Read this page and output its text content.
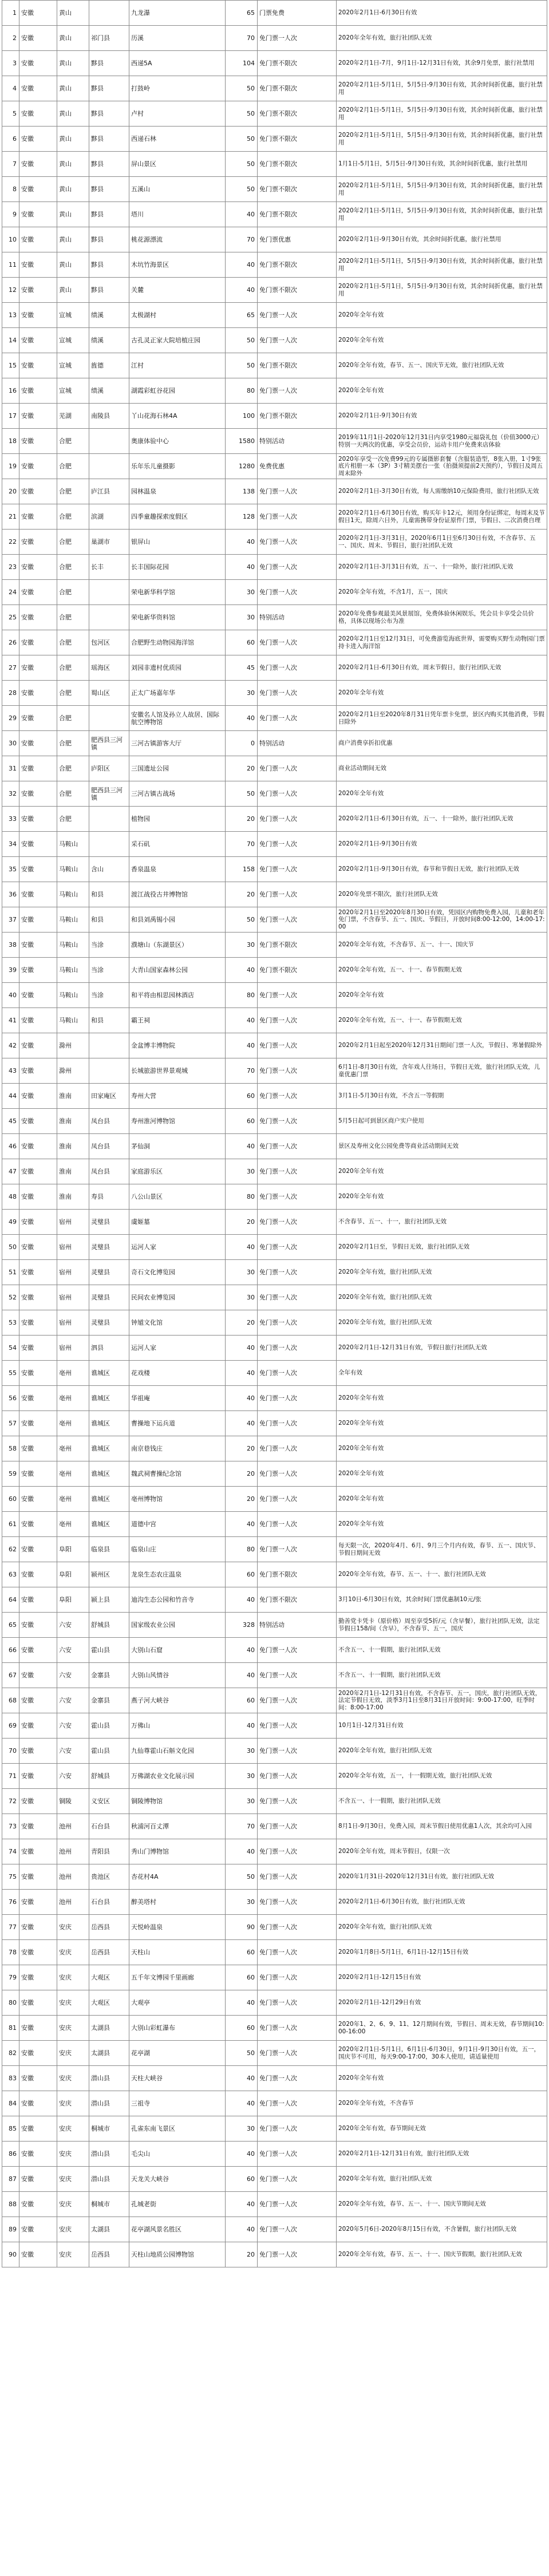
1	安徽	黄山		九龙瀑	65	门票免费	2020年2月1日-6月30日有效
2	安徽	黄山	祁门县	历溪	70	免门票一人次	2020年全年有效，旅行社团队无效
3	安徽	黄山	黟县	西递5A	104	免门票不限次	2020年2月1日-7月，9月1日-12月31日有效，其余9月免票，旅行社禁用
4	安徽	黄山	黟县	打鼓岭	50	免门票不限次	2020年2月1日-5月1日，5月5日-9月30日有效，其余时间折优惠，旅行社禁用
5	安徽	黄山	黟县	卢村	50	免门票不限次	2020年2月1日-5月1日，5月5日-9月30日有效，其余时间折优惠，旅行社禁用
6	安徽	黄山	黟县	西递石林	50	免门票不限次	2020年2月1日-5月1日，5月5日-9月30日有效，其余时间折优惠，旅行社禁用
7	安徽	黄山	黟县	屏山景区	50	免门票不限次	1月1日-5月1日，5月5日-9月30日有效，其余时间折优惠，旅行社禁用
8	安徽	黄山	黟县	五溪山	50	免门票不限次	2020年2月1日-5月1日，5月5日-9月30日有效，其余时间折优惠，旅行社禁用
9	安徽	黄山	黟县	塔川	40	免门票不限次	2020年2月1日-5月1日，5月5日-9月30日有效，其余时间折优惠，旅行社禁用
10	安徽	黄山	黟县	桃花源漂流	70	免门票优惠	2020年2月1日-9月30日有效，其余时间折优惠，旅行社禁用
11	安徽	黄山	黟县	木坑竹海景区	40	免门票不限次	2020年2月1日-5月1日，5月5日-9月30日有效，其余时间折优惠，旅行社禁用
12	安徽	黄山	黟县	关麓	40	免门票不限次	2020年2月1日-5月1日，5月5日-9月30日有效，其余时间折优惠，旅行社禁用
13	安徽	宣城	绩溪	太极湖村	65	免门票一人次	2020年全年有效
14	安徽	宣城	绩溪	古孔灵正家大院培植庄园	50	免门票一人次	2020年全年有效
15	安徽	宣城	旌德	江村	50	免门票不限次	2020年全年有效，春节、五一、国庆节无效，旅行社团队无效
16	安徽	宣城	绩溪	湖霞彩虹谷花园	80	免门票一人次	2020年全年有效
17	安徽	芜湖	南陵县	丫山花海石林4A	100	免门票不限次	2020年2月1日-9月30日有效
18	安徽	合肥		奥康体验中心	1580	特别活动	2019年11月1日-2020年12月31日内享受1980元福袋礼包（价值3000元）特别一天两次的优惠，享受会员价，运动卡用户免费来店体验
19	安徽	合肥		乐年乐儿童摄影	1280	免费优惠	2020年享受一次免费99元的专属摄影套餐（含服装造型，8张入册，1寸9张底片相册一本（3P）3寸精美摆台一张（拍摄须提前2天预约），节假日及周五周末除外
20	安徽	合肥	庐江县	园林温泉	138	免门票一人次	2020年2月1日-3月30日有效，每人需缴纳10元保险费用，旅行社团队无效
21	安徽	合肥	滨湖	四季童趣探索度假区	128	免门票一人次	2020年2月1日-6月30日有效，购买年卡12元，须用身份证绑定，每周末及节假日1天，除周六日外，儿童需携带身份证原件门票，节假日、二次消费自理
22	安徽	合肥	巢湖市	银屏山	40	免门票一人次	2020年2月1日-3月31日，2020年6月1日至6月30日有效，不含春节、五一、国庆、周末、节假日，旅行社团队无效
23	安徽	合肥	长丰	长丰国际花园	40	免门票一人次	2020年2月1日-3月31日有效，五一、十一除外，旅行社团队无效
24	安徽	合肥		荣电新华科学馆	30	免门票一人次	2020年全年有效，不含1月，五一，国庆
25	安徽	合肥		荣电新华资料馆	30	特别活动	2020年免费参观最美风景展馆，免费体验休闲娱乐，凭会员卡享受会员价格，具体以现场公布为准
26	安徽	合肥	包河区	合肥野生动物园海洋馆	60	免门票一人次	2020年2月1日至12月31日，可免费游览海底世界，需要购买野生动物园门票持卡进入海洋馆
27	安徽	合肥	瑶海区	刘园非遗村优质园	45	免门票一人次	2020年2月1日-6月30日有效，周末节假日，旅行社团队无效
28	安徽	合肥	蜀山区	正太广场嘉年华	30	免门票一人次	2020年全年有效
29	安徽	合肥		安徽名人馆及孙立人故居、国际航空博物馆	40	免门票一人次	2020年2月1日至2020年8月31日凭年票卡免票，景区内购买其他消费，节假日除外
30	安徽	合肥	肥西县三河镇	三河古镇游客大厅	0	特别活动	商户消费享折扣优惠
31	安徽	合肥	庐阳区	三国遗址公园	20	免门票一人次	商业活动期间无效
32	安徽	合肥	肥西县三河镇	三河古镇古战场	50	免门票一人次	2020年全年有效
33	安徽	合肥		植物园	20	免门票一人次	2020年2月1日-6月30日有效，五一、十一除外，旅行社团队无效
34	安徽	马鞍山		采石矶	70	免门票一人次	2020年2月1日-9月30日有效
35	安徽	马鞍山	含山	香泉温泉	158	免门票一人次	2020年2月1日-9月30日有效，春节和节假日无效，旅行社团队无效
36	安徽	马鞍山	和县	渡江战役古井博物馆	20	免门票一人次	2020年免票不限次，旅行社团队无效
37	安徽	马鞍山	和县	和县刘禹锡小园	50	免门票一人次	2020年2月1日至2020年8月30日有效，凭园区内购物免费入园，儿童和老年免门票，不含春节、五一、国庆、节假日，开放时间8:00-12:00，14:00-17:00
38	安徽	马鞍山	当涂	濮塘山（东湖景区）	30	免门票不限次	2020年全年有效，不含春节、五一、十一、国庆节
39	安徽	马鞍山	当涂	大青山国家森林公园	40	免门票不限次	2020年全年有效，五一、十一、春节假期无效
40	安徽	马鞍山	当涂	和平将由相思园林酒店	80	免门票一人次	2020年全年有效
41	安徽	马鞍山	和县	霸王祠	40	免门票一人次	2020年全年有效，五一、十一、春节假期无效
42	安徽	滁州		金盆博丰博物院	40	免门票一人次	2020年2月1日起至2020年12月31日期间门票一人次，节假日、寒暑假除外
43	安徽	滁州		长城旅游世界景观城	70	免门票一人次	6月1日-8月30日有效，含年戏人往场日，节假日无效，旅行社团队无效，儿童优惠门票
44	安徽	淮南	田家庵区	寿州大营	60	免门票一人次	3月1日-5月30日有效，不含五一等假期
45	安徽	淮南	凤台县	寿州淮河博物馆	60	免门票一人次	5月5日起可到景区商户实户使用
46	安徽	淮南	凤台县	茅仙洞	40	免门票一人次	景区及寿州文化公园免费等商业活动期间无效
47	安徽	淮南	凤台县	家庭游乐区	30	免门票一人次	2020年全年有效
48	安徽	淮南	寿县	八公山景区	80	免门票一人次	2020年全年有效
49	安徽	宿州	灵璧县	虞姬墓	20	免门票一人次	不含春节、五一、十一，旅行社团队无效
50	安徽	宿州	灵璧县	运河人家	40	免门票一人次	2020年2月1日至，节假日无效，旅行社团队无效
51	安徽	宿州	灵璧县	奇石文化博览园	30	免门票一人次	2020年全年有效，旅行社团队无效
52	安徽	宿州	灵璧县	民间农业博览园	30	免门票一人次	2020年全年有效，旅行社团队无效
53	安徽	宿州	灵璧县	钟馗文化馆	20	免门票一人次	2020年全年有效，旅行社团队无效
54	安徽	宿州	泗县	运河人家	40	免门票一人次	2020年2月1日-12月31日有效，节假日旅行社团队无效
55	安徽	亳州	谯城区	花戏楼	40	免门票一人次	全年有效
56	安徽	亳州	谯城区	华祖庵	40	免门票一人次	2020年全年有效
57	安徽	亳州	谯城区	曹操地下运兵道	40	免门票一人次	2020年全年有效
58	安徽	亳州	谯城区	南京巷钱庄	20	免门票一人次	2020年全年有效
59	安徽	亳州	谯城区	魏武祠曹操纪念馆	20	免门票一人次	2020年全年有效
60	安徽	亳州	谯城区	亳州博物馆	20	免门票一人次	2020年全年有效
61	安徽	亳州	谯城区	道德中宫	40	免门票一人次	2020年全年有效
62	安徽	阜阳	临泉县	临泉山庄	80	免门票一人次	每天限一次，2020年4月、6月、9月三个月内有效，春节、五一、国庆节、节假日期间无效
63	安徽	阜阳	颍州区	龙泉生态农庄温泉	60	免门票不限次	2020年全年有效，春节、五一、十一、旅行社团队无效
64	安徽	阜阳	颍上县	迪沟生态公园和竹音寺	40	免门票不限次	3月10日-6月30日有效，其余时间门票优惠制10元/张
65	安徽	六安	舒城县	国家级农业公园	328	特别活动	勤善党卡凭卡（原价格）周至享受5折/元（含早餐），旅行社团队无效，法定节假日158/间（含早），不含春节、五一，国庆
66	安徽	六安	霍山县	大别山石窟	40	免门票一人次	不含五一、十一假期，旅行社团队无效
67	安徽	六安	金寨县	大别山风情谷	40	免门票一人次	不含五一、十一假期，旅行社团队无效
68	安徽	六安	金寨县	燕子河大峡谷	60	免门票一人次	2020年2月1日-12月31日有效，不含春节、五一，国庆，旅行社团队无效，法定节假日无效，淡季3月1日至8月31日开放时间：9:00-17:00，旺季时间：8:00-17:00
69	安徽	六安	霍山县	万佛山	40	免门票一人次	10月1日-12月31日有效
70	安徽	六安	霍山县	九仙尊霍山石斛文化园	30	免门票一人次	2020年全年有效，旅行社团队无效
71	安徽	六安	舒城县	万佛湖农业文化展示园	30	免门票一人次	2020年全年有效，五一，十一假期无效，旅行社团队无效
72	安徽	铜陵	义安区	铜陵博物馆	30	免门票一人次	不含五一、十一假期，旅行社团队无效
73	安徽	池州	石台县	秋浦河百丈潭	70	免门票一人次	8月1日-9月30日，免费入园，周末节假日使用优惠1人次，其余均可入园
74	安徽	池州	青阳县	秀山门博物馆	40	免门票一人次	2020年全年有效，周末节假日，仅限一次
75	安徽	池州	贵池区	杏花村4A	50	免门票一人次	2020年1月31日-2020年12月31日有效，旅行社团队无效
76	安徽	池州	石台县	醉美塔村	30	免门票一人次	2020年2月1日-6月30日有效，旅行社团队无效
77	安徽	安庆	岳西县	天悦岭温泉	90	免门票一人次	2020年全年有效，旅行社团队无效
78	安徽	安庆	岳西县	天柱山	60	免门票一人次	2020年1月8日-5月1日，6月1日-12月15日有效
79	安徽	安庆	大观区	五千年文博园千里画廊	60	免门票一人次	2020年2月1日-12月15日有效
80	安徽	安庆	大观区	大观亭	40	免门票一人次	2020年2月1日-12月29日有效
81	安徽	安庆	太湖县	大别山彩虹瀑布	60	免门票一人次	2020年1、2、6、9、11、12月期间有效，节假日、周末无效，春节期间10:00-16:00
82	安徽	安庆	太湖县	花亭湖	50	免门票一人次	2020年2月1日-5月1日，6月1日-6月30日，9月1日-9月30日有效，五一，国庆节不可用，每天9:00-17:00，30本人使用，请适量使用
83	安徽	安庆	潜山县	天柱大峡谷	40	免门票一人次	2020年全年有效
84	安徽	安庆	潜山县	三祖寺	40	免门票一人次	2020年全年有效，不含春节
85	安徽	安庆	桐城市	孔雀东南飞景区	30	免门票一人次	2020年全年有效，春节期间无效
86	安徽	安庆	潜山县	毛尖山	40	免门票一人次	2020年2月1日-12月31日有效，旅行社团队无效
87	安徽	安庆	潜山县	天龙关大峡谷	60	免门票一人次	2020年全年有效，旅行社团队无效
88	安徽	安庆	桐城市	孔城老街	40	免门票一人次	2020年全年有效，春节、五一、十一、国庆节期间无效
89	安徽	安庆	太湖县	花亭湖风景名胜区	40	免门票一人次	2020年5月6日-2020年8月15日有效，不含暑假，旅行社团队无效
90	安徽	安庆	岳西县	天柱山地质公园博物馆	20	免门票一人次	2020年全年有效，春节、五一、十一、国庆节假期，旅行社团队无效
